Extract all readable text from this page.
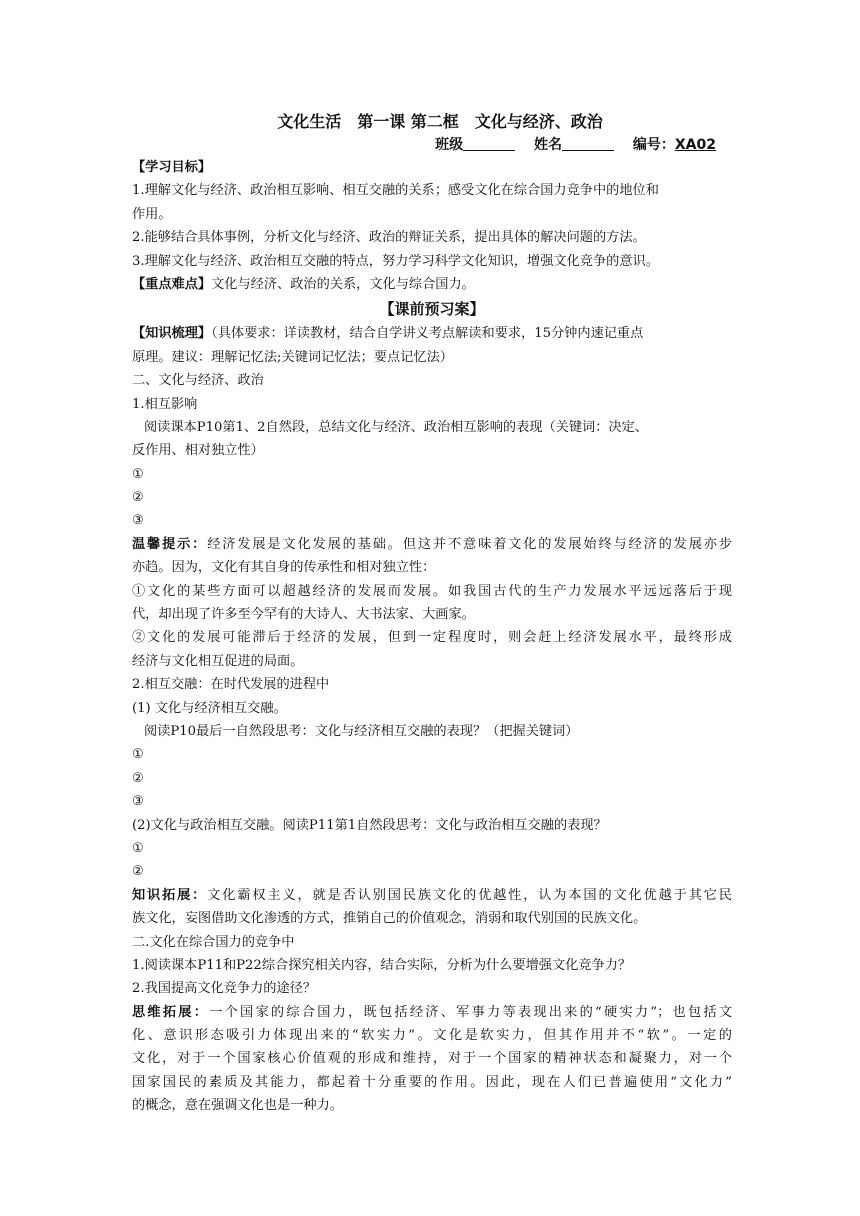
文化生活　第一课 第二框　文化与经济、政治
班级	姓名	编号：XA02
【学习目标】
1.理解文化与经济、政治相互影响、相互交融的关系；感受文化在综合国力竞争中的地位和
作用。
2.能够结合具体事例，分析文化与经济、政治的辩证关系，提出具体的解决问题的方法。
3.理解文化与经济、政治相互交融的特点，努力学习科学文化知识，增强文化竞争的意识。
【重点难点】文化与经济、政治的关系，文化与综合国力。
【课前预习案】
【知识梳理】（具体要求：详读教材，结合自学讲义考点解读和要求，15分钟内速记重点
原理。建议：理解记忆法;关键词记忆法；要点记忆法）
二、文化与经济、政治
1.相互影响
阅读课本P10第1、2自然段，总结文化与经济、政治相互影响的表现（关键词：决定、
反作用、相对独立性）
①
②
③
温馨提示：经济发展是文化发展的基础。但这并不意味着文化的发展始终与经济的发展亦步
亦趋。因为，文化有其自身的传承性和相对独立性：
①文化的某些方面可以超越经济的发展而发展。如我国古代的生产力发展水平远远落后于现
代，却出现了许多至今罕有的大诗人、大书法家、大画家。
②文化的发展可能滞后于经济的发展，但到一定程度时，则会赶上经济发展水平，最终形成
经济与文化相互促进的局面。
2.相互交融：在时代发展的进程中
(1) 文化与经济相互交融。
阅读P10最后一自然段思考：文化与经济相互交融的表现？（把握关键词）
①
②
③
(2)文化与政治相互交融。阅读P11第1自然段思考：文化与政治相互交融的表现？
①
②
知识拓展：文化霸权主义，就是否认别国民族文化的优越性，认为本国的文化优越于其它民
族文化，妄图借助文化渗透的方式，推销自己的价值观念，消弱和取代别国的民族文化。
二.文化在综合国力的竞争中
1.阅读课本P11和P22综合探究相关内容，结合实际，分析为什么要增强文化竞争力？
2.我国提高文化竞争力的途径？
思维拓展：一个国家的综合国力，既包括经济、军事力等表现出来的“硬实力”；也包括文
化、意识形态吸引力体现出来的“软实力”。文化是软实力，但其作用并不“软”。一定的
文化，对于一个国家核心价值观的形成和维持，对于一个国家的精神状态和凝聚力，对一个
国家国民的素质及其能力，都起着十分重要的作用。因此，现在人们已普遍使用“文化力”
的概念，意在强调文化也是一种力。
